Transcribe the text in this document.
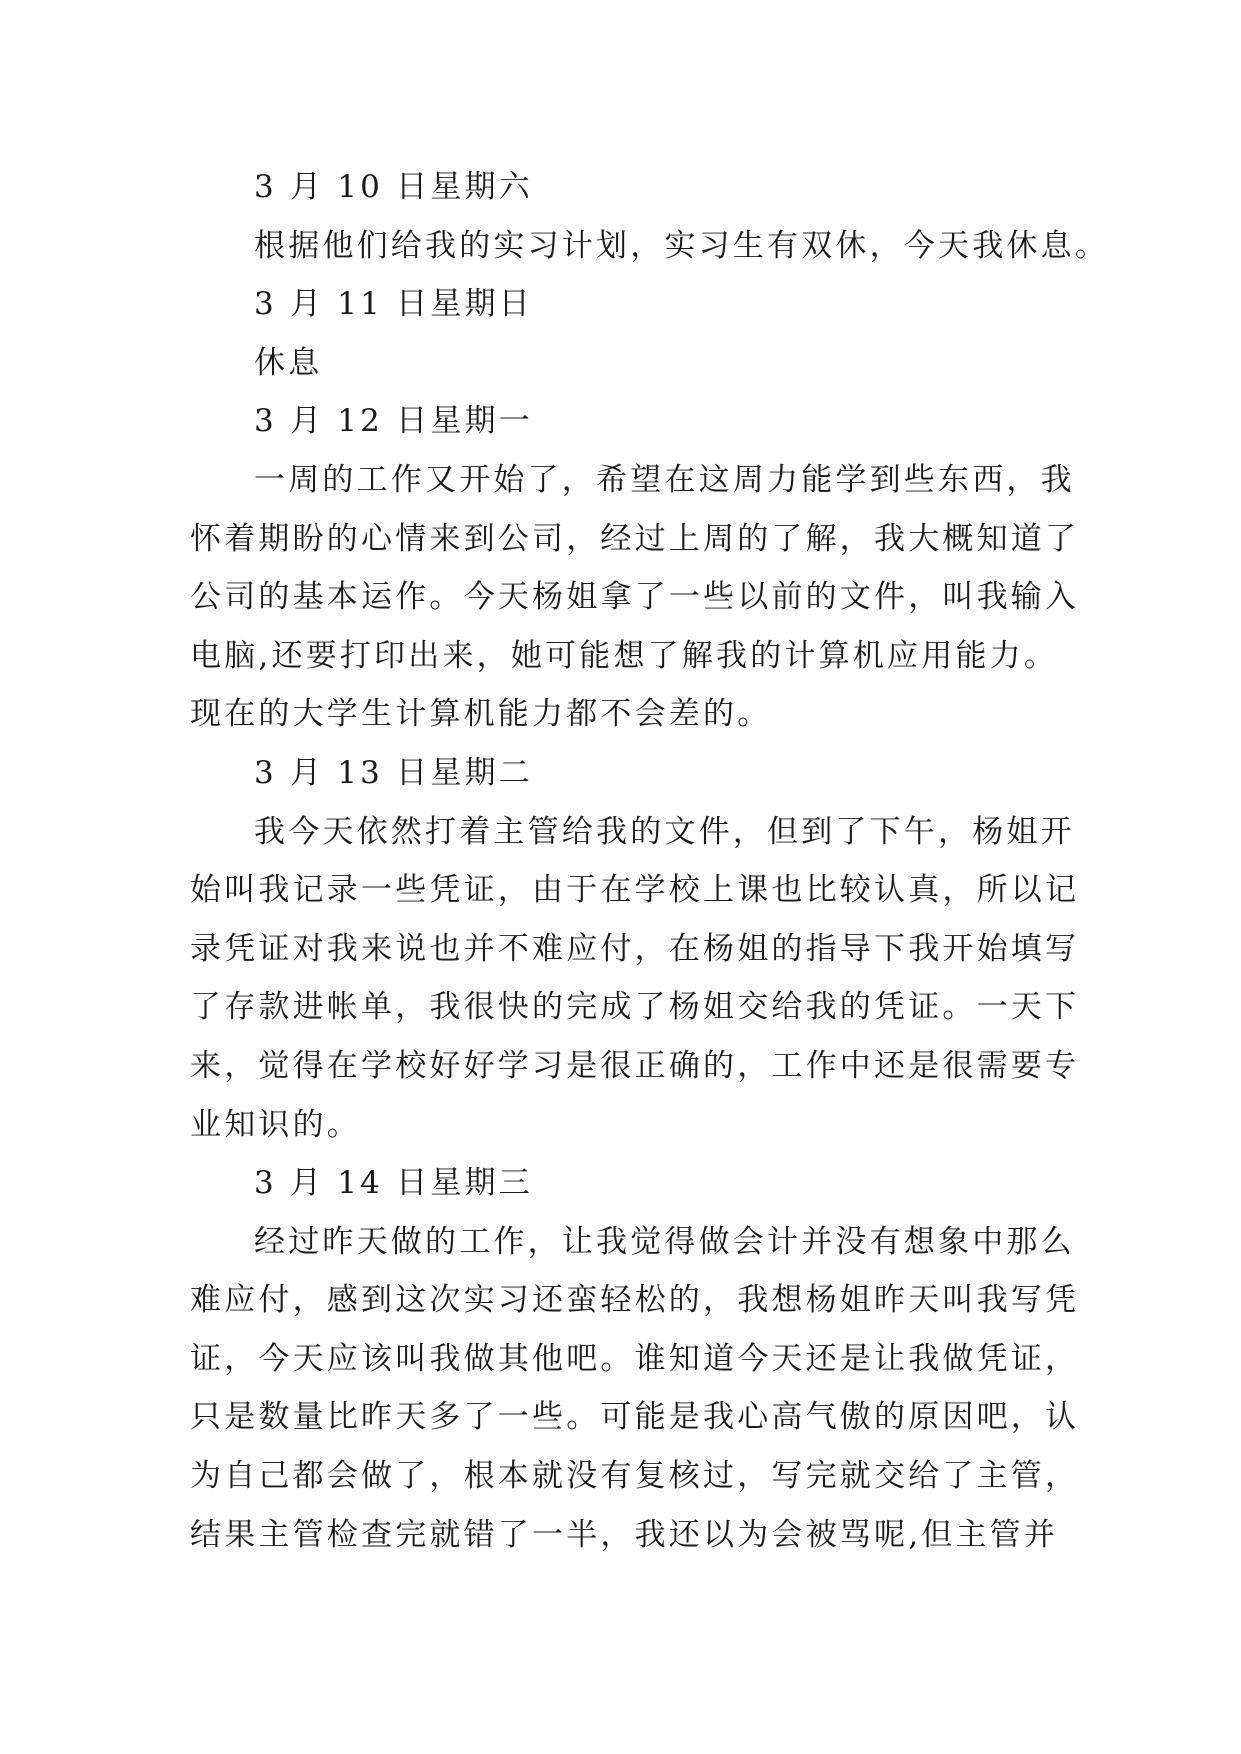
3 月 10 日星期六

根据他们给我的实习计划，实习生有双休，今天我休息。

3 月 11 日星期日

休息

3 月 12 日星期一

一周的工作又开始了，希望在这周力能学到些东西，我

怀着期盼的心情来到公司，经过上周的了解，我大概知道了

公司的基本运作。今天杨姐拿了一些以前的文件，叫我输入

电脑,还要打印出来，她可能想了解我的计算机应用能力。

现在的大学生计算机能力都不会差的。

3 月 13 日星期二

我今天依然打着主管给我的文件，但到了下午，杨姐开

始叫我记录一些凭证，由于在学校上课也比较认真，所以记

录凭证对我来说也并不难应付，在杨姐的指导下我开始填写

了存款进帐单，我很快的完成了杨姐交给我的凭证。一天下

来，觉得在学校好好学习是很正确的，工作中还是很需要专

业知识的。

3 月 14 日星期三

经过昨天做的工作，让我觉得做会计并没有想象中那么

难应付，感到这次实习还蛮轻松的，我想杨姐昨天叫我写凭

证，今天应该叫我做其他吧。谁知道今天还是让我做凭证，

只是数量比昨天多了一些。可能是我心高气傲的原因吧，认

为自己都会做了，根本就没有复核过，写完就交给了主管，

结果主管检查完就错了一半，我还以为会被骂呢,但主管并
